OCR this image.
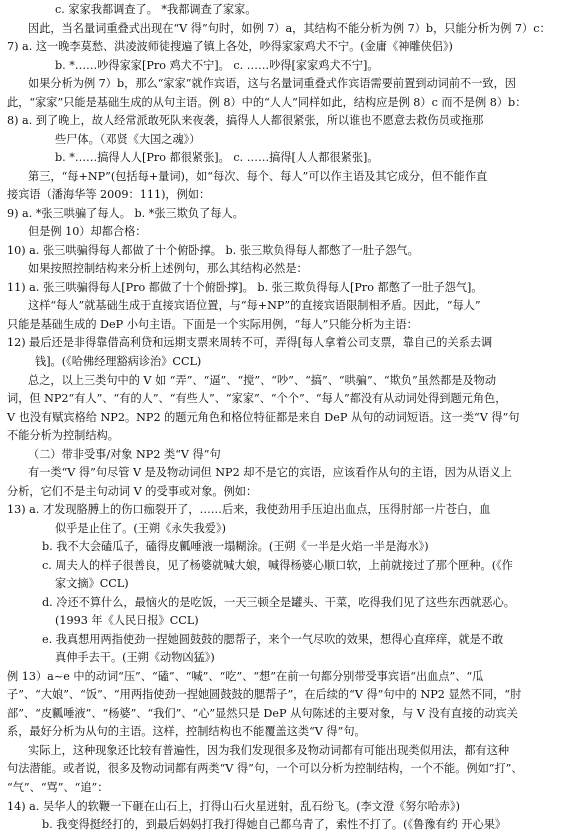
c. 家家我都调查了。 *我都调查了家家。
因此，当名量词重叠式出现在“V 得”句时，如例 7）a，其结构不能分析为例 7）b，只能分析为例 7）c：
7) a. 这一晚李莫愁、洪凌波师徒搜遍了镇上各处，吵得家家鸡犬不宁。(金庸《神雕侠侣》)
b. *……吵得家家[Pro 鸡犬不宁]。 c. ……吵得[家家鸡犬不宁]。
如果分析为例 7）b，那么“家家”就作宾语，这与名量词重叠式作宾语需要前置到动词前不一致，因
此，“家家”只能是基础生成的从句主语。例 8）中的“人人”同样如此，结构应是例 8）c 而不是例 8）b：
8) a. 到了晚上，故人经常派敢死队来夜袭，搞得人人都很紧张，所以谁也不愿意去救伤员或拖那
些尸体。（邓贤《大国之魂》）
b. *……搞得人人[Pro 都很紧张]。 c. ……搞得[人人都很紧张]。
第三，“每+NP”(包括每+量词)，如“每次、每个、每人”可以作主语及其它成分，但不能作直
接宾语（潘海华等 2009：111)，例如：
9) a. *张三哄骗了每人。 b. *张三欺负了每人。
但是例 10）却都合格：
10) a. 张三哄骗得每人都做了十个俯卧撑。 b. 张三欺负得每人都憋了一肚子怨气。
如果按照控制结构来分析上述例句，那么其结构必然是：
11) a. 张三哄骗得每人[Pro 都做了十个俯卧撑]。 b. 张三欺负得每人[Pro 都憋了一肚子怨气]。
这样“每人”就基础生成于直接宾语位置，与“每+NP”的直接宾语限制相矛盾。因此，“每人”
只能是基础生成的 DeP 小句主语。下面是一个实际用例，“每人”只能分析为主语：
12) 最后还是非得靠借高利贷和远期支票来周转不可，弄得[每人拿着公司支票，靠自己的关系去调
钱]。(《哈佛经理豁病诊治》CCL)
总之，以上三类句中的 V 如 “弄”、“逼”、“搅”、“吵”、“搞”、“哄骗”、“欺负”虽然都是及物动
词，但 NP2“有人”、“有的人”、“有些人”、“家家”、“个个”、“每人”都没有从动词处得到题元角色，
V 也没有赋宾格给 NP2。NP2 的题元角色和格位特征都是来自 DeP 从句的动词短语。这一类“V 得”句
不能分析为控制结构。
（二）带非受事/对象 NP2 类“V 得”句
有一类“V 得”句尽管 V 是及物动词但 NP2 却不是它的宾语，应该看作从句的主语，因为从语义上
分析，它们不是主句动词 V 的受事或对象。例如：
13) a. 才发现胳膊上的伤口痂裂开了，……后来，我使劲用手压迫出血点，压得肘部一片苍白，血
似乎是止住了。(王朔《永失我爱》)
b. 我不大会磕瓜子，磕得皮瓤唾液一塌糊涂。(王朔《一半是火焰一半是海水》)
c. 周夫人的样子很善良，见了杨婆就喊大娘，喊得杨婆心顺口软，上前就接过了那个匣种。(《作
家文摘》CCL)
d. 冷还不算什么，最恼火的是吃饭，一天三顿全是罐头、干菜，吃得我们见了这些东西就恶心。
(1993 年《人民日报》CCL)
e. 我真想用两指使劲一捏她圆鼓鼓的腮帮子，来个一气尽吹的效果，想得心直痒痒，就是不敢
真伸手去干。(王朔《动物凶猛》)
例 13）a~e 中的动词“压”、“磕”、“喊”、“吃”、“想”在前一句都分别带受事宾语“出血点”、“瓜
子”、“大娘”、“饭”、“用两指使劲一捏她圆鼓鼓的腮帮子”，在后续的“V 得”句中的 NP2 显然不同，“肘
部”、“皮瓤唾液”、“杨婆”、“我们”、“心”显然只是 DeP 从句陈述的主要对象，与 V 没有直接的动宾关
系，最好分析为从句的主语。这样，控制结构也不能覆盖这类“V 得”句。
实际上，这种现象还比较有普遍性，因为我们发现很多及物动词都有可能出现类似用法，都有这种
句法潜能。或者说，很多及物动词都有两类“V 得”句，一个可以分析为控制结构，一个不能。例如“打”、
“气”、“骂”、“追”：
14) a. 吴华人的软鞭一下砸在山石上，打得山石火星迸射，乱石纷飞。(李文澄《努尔哈赤》)
b. 我变得挺经打的，到最后妈妈打我打得她自己都乌青了，索性不打了。(《鲁豫有约 开心果》
